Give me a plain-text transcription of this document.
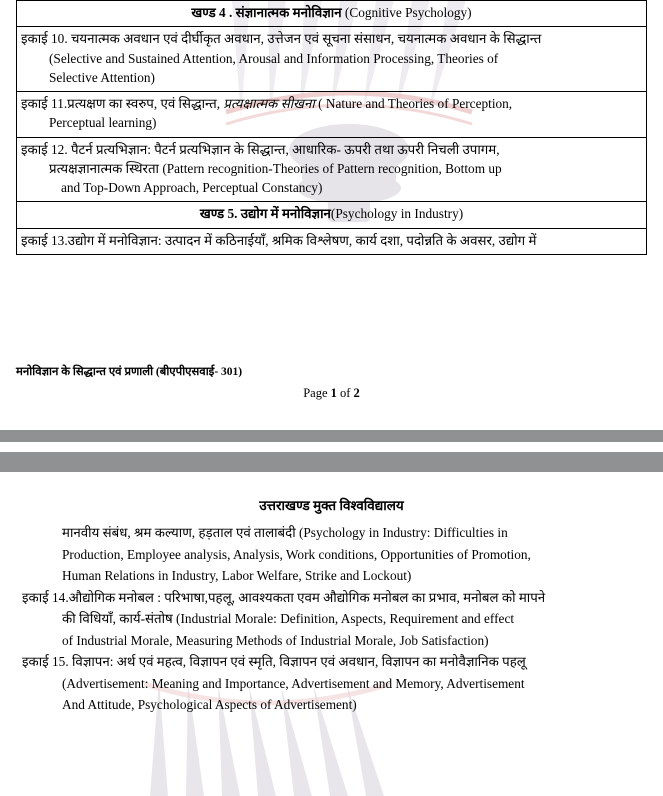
खण्ड 4 . संज्ञानात्मक मनोविज्ञान (Cognitive Psychology)

इकाई 10. चयनात्मक अवधान एवं दीर्घीकृत अवधान, उत्तेजन एवं सूचना संसाधन, चयनात्मक अवधान के सिद्धान्त
(Selective and Sustained Attention, Arousal and Information Processing, Theories of
Selective Attention)

इकाई 11.प्रत्यक्षण का स्वरुप, एवं सिद्धान्त, प्रत्यक्षात्मक सीखना ( Nature and Theories of Perception,
Perceptual learning)

इकाई 12. पैटर्न प्रत्यभिज्ञान: पैटर्न प्रत्यभिज्ञान के सिद्धान्त, आधारिक- ऊपरी तथा ऊपरी निचली उपागम,
प्रत्यक्षज्ञानात्मक स्थिरता (Pattern recognition-Theories of Pattern recognition, Bottom up
and Top-Down Approach, Perceptual Constancy)

खण्ड 5. उद्योग में मनोविज्ञान(Psychology in Industry)

इकाई 13.उद्योग में मनोविज्ञान: उत्पादन में कठिनाईयाँ, श्रमिक विश्लेषण, कार्य दशा, पदोन्नति के अवसर, उद्योग में
मनोविज्ञान के सिद्धान्त एवं प्रणाली (बीएपीएसवाई- 301)
Page 1 of 2
उत्तराखण्ड मुक्त विश्वविद्यालय
मानवीय संबंध, श्रम कल्याण, हड़ताल एवं तालाबंदी (Psychology in Industry: Difficulties in
Production, Employee analysis, Analysis, Work conditions, Opportunities of Promotion,
Human Relations in Industry, Labor Welfare, Strike and Lockout)
इकाई 14.औद्योगिक मनोबल : परिभाषा,पहलू, आवश्यकता एवम औद्योगिक मनोबल का प्रभाव, मनोबल को मापने
की विधियाँ, कार्य-संतोष (Industrial Morale: Definition, Aspects, Requirement and effect
of Industrial Morale, Measuring Methods of Industrial Morale, Job Satisfaction)
इकाई 15. विज्ञापन: अर्थ एवं महत्व, विज्ञापन एवं स्मृति, विज्ञापन एवं अवधान, विज्ञापन का मनोवैज्ञानिक पहलू
(Advertisement: Meaning and Importance, Advertisement and Memory, Advertisement
And Attitude, Psychological Aspects of Advertisement)
